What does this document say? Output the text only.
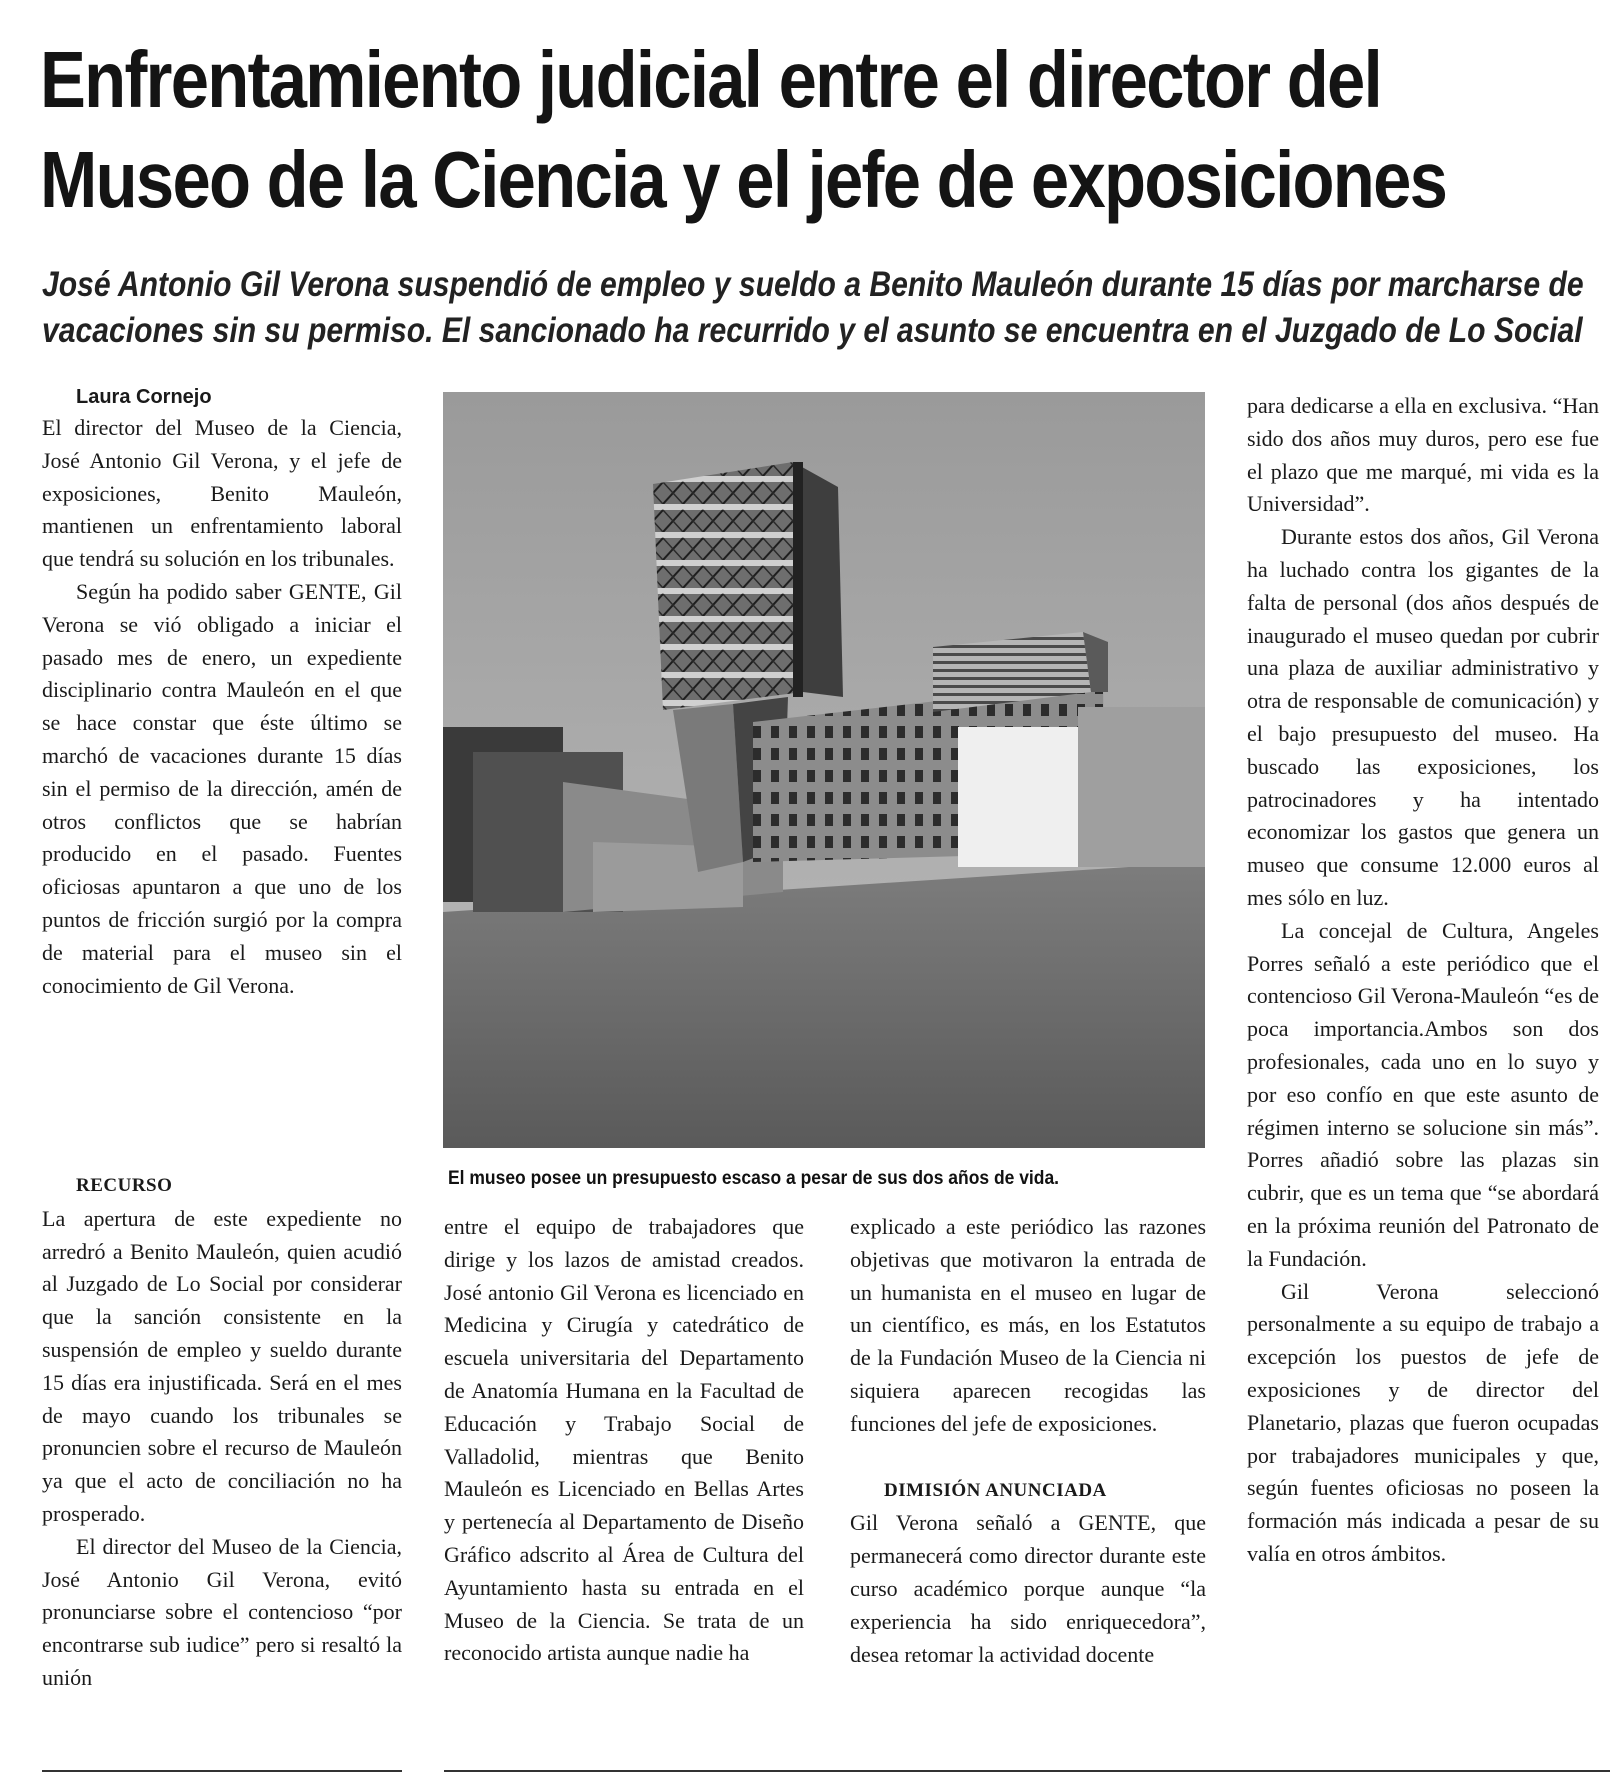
Enfrentamiento judicial entre el director del
Museo de la Ciencia y el jefe de exposiciones
José Antonio Gil Verona suspendió de empleo y sueldo a Benito Mauleón durante 15 días por marcharse de
vacaciones sin su permiso. El sancionado ha recurrido y el asunto se encuentra en el Juzgado de Lo Social

Laura Cornejo

El director del Museo de la Ciencia, José Antonio Gil Verona, y el jefe de exposiciones, Benito Mauleón, mantienen un enfrentamiento laboral que tendrá su solución en los tribunales.

Según ha podido saber GENTE, Gil Verona se vió obligado a iniciar el pasado mes de enero, un expediente disciplinario contra Mauleón en el que se hace constar que éste último se marchó de vacaciones durante 15 días sin el permiso de la dirección, amén de otros conflictos que se habrían producido en el pasado. Fuentes oficiosas apuntaron a que uno de los puntos de fricción surgió por la compra de material para el museo sin el conocimiento de Gil Verona.

RECURSO

La apertura de este expediente no arredró a Benito Mauleón, quien acudió al Juzgado de Lo Social por considerar que la sanción consistente en la suspensión de empleo y sueldo durante 15 días era injustificada. Será en el mes de mayo cuando los tribunales se pronuncien sobre el recurso de Mauleón ya que el acto de conciliación no ha prosperado.

El director del Museo de la Ciencia, José Antonio Gil Verona, evitó pronunciarse sobre el contencioso “por encontrarse sub iudice” pero si resaltó la unión

El museo posee un presupuesto escaso a pesar de sus dos años de vida.

entre el equipo de trabajadores que dirige y los lazos de amistad creados. José antonio Gil Verona es licenciado en Medicina y Cirugía y catedrático de escuela universitaria del Departamento de Anatomía Humana en la Facultad de Educación y Trabajo Social de Valladolid, mientras que Benito Mauleón es Licenciado en Bellas Artes y pertenecía al Departamento de Diseño Gráfico adscrito al Área de Cultura del Ayuntamiento hasta su entrada en el Museo de la Ciencia. Se trata de un reconocido artista aunque nadie ha

explicado a este periódico las razones objetivas que motivaron la entrada de un humanista en el museo en lugar de un científico, es más, en los Estatutos de la Fundación Museo de la Ciencia ni siquiera aparecen recogidas las funciones del jefe de exposiciones.

DIMISIÓN ANUNCIADA

Gil Verona señaló a GENTE, que permanecerá como director durante este curso académico porque aunque “la experiencia ha sido enriquecedora”, desea retomar la actividad docente

para dedicarse a ella en exclusiva. “Han sido dos años muy duros, pero ese fue el plazo que me marqué, mi vida es la Universidad”.

Durante estos dos años, Gil Verona ha luchado contra los gigantes de la falta de personal (dos años después de inaugurado el museo quedan por cubrir una plaza de auxiliar administrativo y otra de responsable de comunicación) y el bajo presupuesto del museo. Ha buscado las exposiciones, los patrocinadores y ha intentado economizar los gastos que genera un museo que consume 12.000 euros al mes sólo en luz.

La concejal de Cultura, Angeles Porres señaló a este periódico que el contencioso Gil Verona-Mauleón “es de poca importancia.Ambos son dos profesionales, cada uno en lo suyo y por eso confío en que este asunto de régimen interno se solucione sin más”. Porres añadió sobre las plazas sin cubrir, que es un tema que “se abordará en la próxima reunión del Patronato de la Fundación.

Gil Verona seleccionó personalmente a su equipo de trabajo a excepción los puestos de jefe de exposiciones y de director del Planetario, plazas que fueron ocupadas por trabajadores municipales y que, según fuentes oficiosas no poseen la formación más indicada a pesar de su valía en otros ámbitos.
